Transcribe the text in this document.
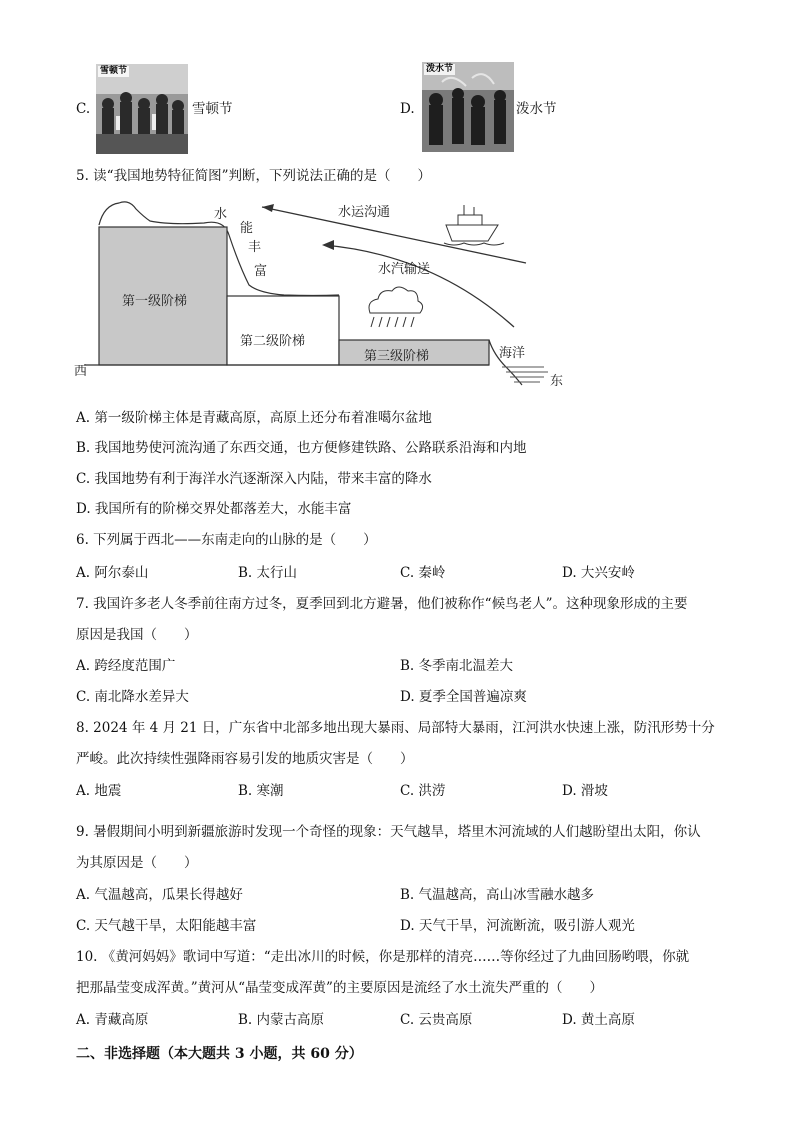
C.
雪顿节
雪顿节	D.
泼水节
泼水节
5. 读“我国地势特征简图”判断，下列说法正确的是（　　）
第一级阶梯
第二级阶梯
第三级阶梯	海洋
西
东
水
能
丰
富
水运沟通
水汽输送
A. 第一级阶梯主体是青藏高原，高原上还分布着准噶尔盆地
B. 我国地势使河流沟通了东西交通，也方便修建铁路、公路联系沿海和内地
C. 我国地势有利于海洋水汽逐渐深入内陆，带来丰富的降水
D. 我国所有的阶梯交界处都落差大，水能丰富
6. 下列属于西北——东南走向的山脉的是（　　）
A. 阿尔泰山	B. 太行山	C. 秦岭	D. 大兴安岭
7. 我国许多老人冬季前往南方过冬，夏季回到北方避暑，他们被称作“候鸟老人”。这种现象形成的主要
原因是我国（　　）
A. 跨经度范围广	B. 冬季南北温差大
C. 南北降水差异大	D. 夏季全国普遍凉爽
8. 2024 年 4 月 21 日，广东省中北部多地出现大暴雨、局部特大暴雨，江河洪水快速上涨，防汛形势十分
严峻。此次持续性强降雨容易引发的地质灾害是（　　）
A. 地震	B. 寒潮	C. 洪涝	D. 滑坡
9. 暑假期间小明到新疆旅游时发现一个奇怪的现象：天气越旱，塔里木河流域的人们越盼望出太阳，你认
为其原因是（　　）
A. 气温越高，瓜果长得越好	B. 气温越高，高山冰雪融水越多
C. 天气越干旱，太阳能越丰富	D. 天气干旱，河流断流，吸引游人观光
10. 《黄河妈妈》歌词中写道：“走出冰川的时候，你是那样的清亮……等你经过了九曲回肠哟喂，你就
把那晶莹变成浑黄。”黄河从“晶莹变成浑黄”的主要原因是流经了水土流失严重的（　　）
A. 青藏高原	B. 内蒙古高原	C. 云贵高原	D. 黄土高原
二、非选择题（本大题共 3 小题，共 60 分）
